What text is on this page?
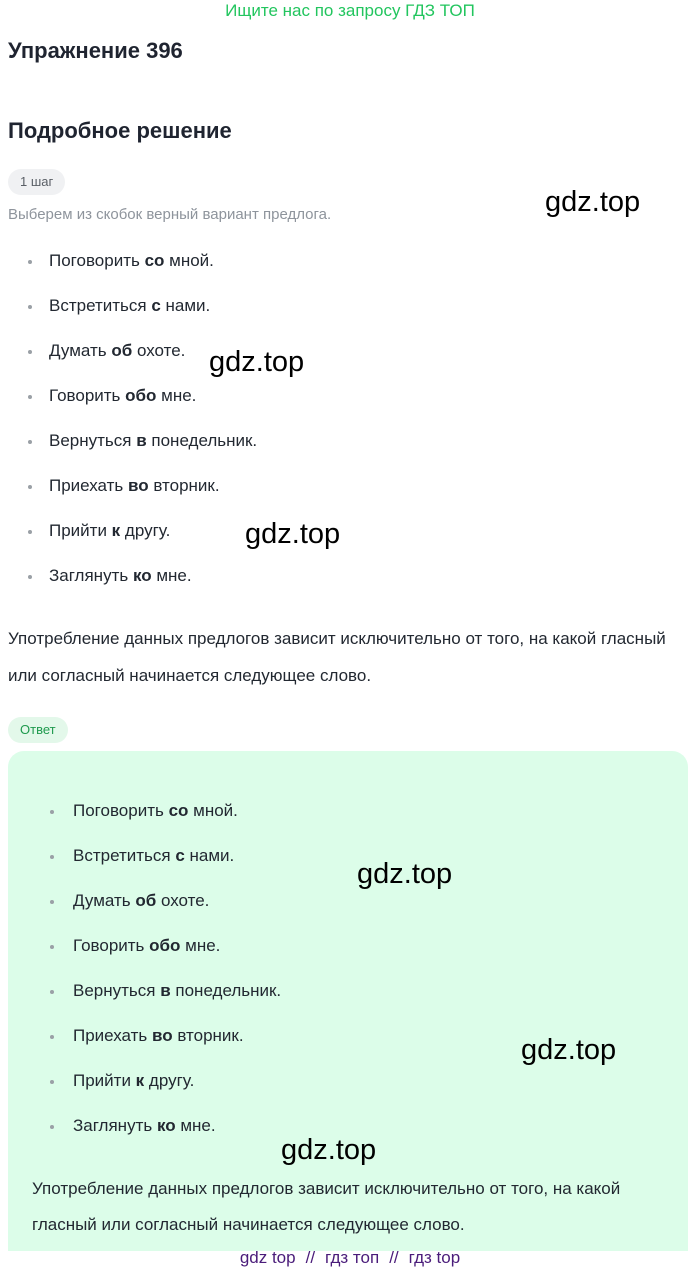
Ищите нас по запросу ГДЗ ТОП
Упражнение 396
Подробное решение
1 шаг
Выберем из скобок верный вариант предлога.
Поговорить со мной.
Встретиться с нами.
Думать об охоте.
Говорить обо мне.
Вернуться в понедельник.
Приехать во вторник.
Прийти к другу.
Заглянуть ко мне.
Употребление данных предлогов зависит исключительно от того, на какой гласный или согласный начинается следующее слово.
Ответ
Поговорить со мной.
Встретиться с нами.
Думать об охоте.
Говорить обо мне.
Вернуться в понедельник.
Приехать во вторник.
Прийти к другу.
Заглянуть ко мне.
Употребление данных предлогов зависит исключительно от того, на какой гласный или согласный начинается следующее слово.
gdz.top
gdz.top
gdz.top
gdz.top
gdz.top
gdz.top
gdz top // гдз топ // гдз top
